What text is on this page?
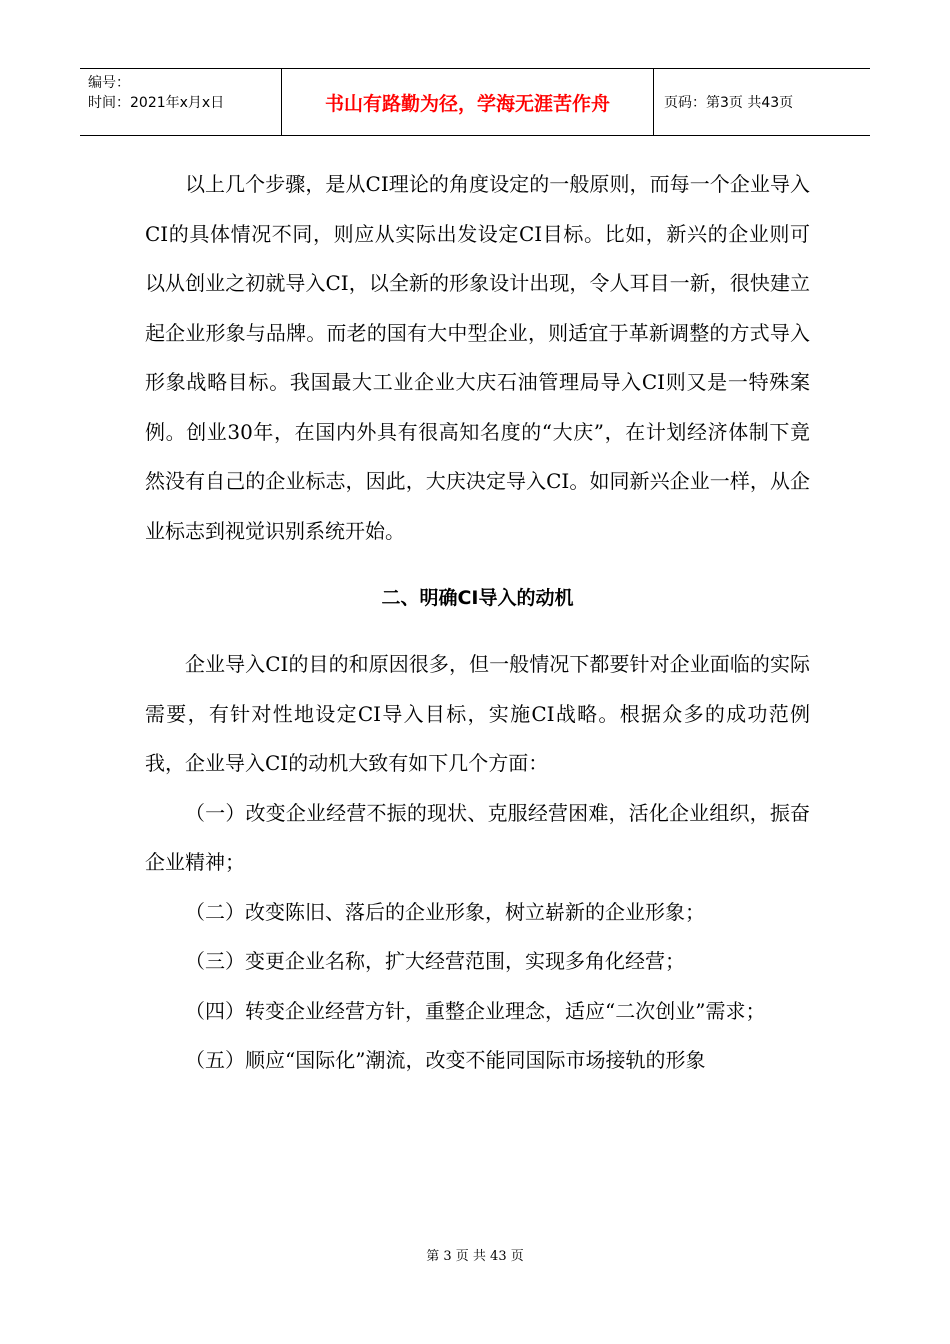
编号：
时间：2021年x月x日	书山有路勤为径，学海无涯苦作舟	页码：第3页 共43页

以上几个步骤，是从CI理论的角度设定的一般原则，而每一个企业导入CI的具体情况不同，则应从实际出发设定CI目标。比如，新兴的企业则可以从创业之初就导入CI，以全新的形象设计出现，令人耳目一新，很快建立起企业形象与品牌。而老的国有大中型企业，则适宜于革新调整的方式导入形象战略目标。我国最大工业企业大庆石油管理局导入CI则又是一特殊案例。创业30年，在国内外具有很高知名度的“大庆”，在计划经济体制下竟然没有自己的企业标志，因此，大庆决定导入CI。如同新兴企业一样，从企业标志到视觉识别系统开始。

二、明确CI导入的动机

企业导入CI的目的和原因很多，但一般情况下都要针对企业面临的实际需要，有针对性地设定CI导入目标，实施CI战略。根据众多的成功范例我，企业导入CI的动机大致有如下几个方面：

（一）改变企业经营不振的现状、克服经营困难，活化企业组织，振奋企业精神；

（二）改变陈旧、落后的企业形象，树立崭新的企业形象；

（三）变更企业名称，扩大经营范围，实现多角化经营；

（四）转变企业经营方针，重整企业理念，适应“二次创业”需求；

（五）顺应“国际化”潮流，改变不能同国际市场接轨的形象

第 3 页 共 43 页
